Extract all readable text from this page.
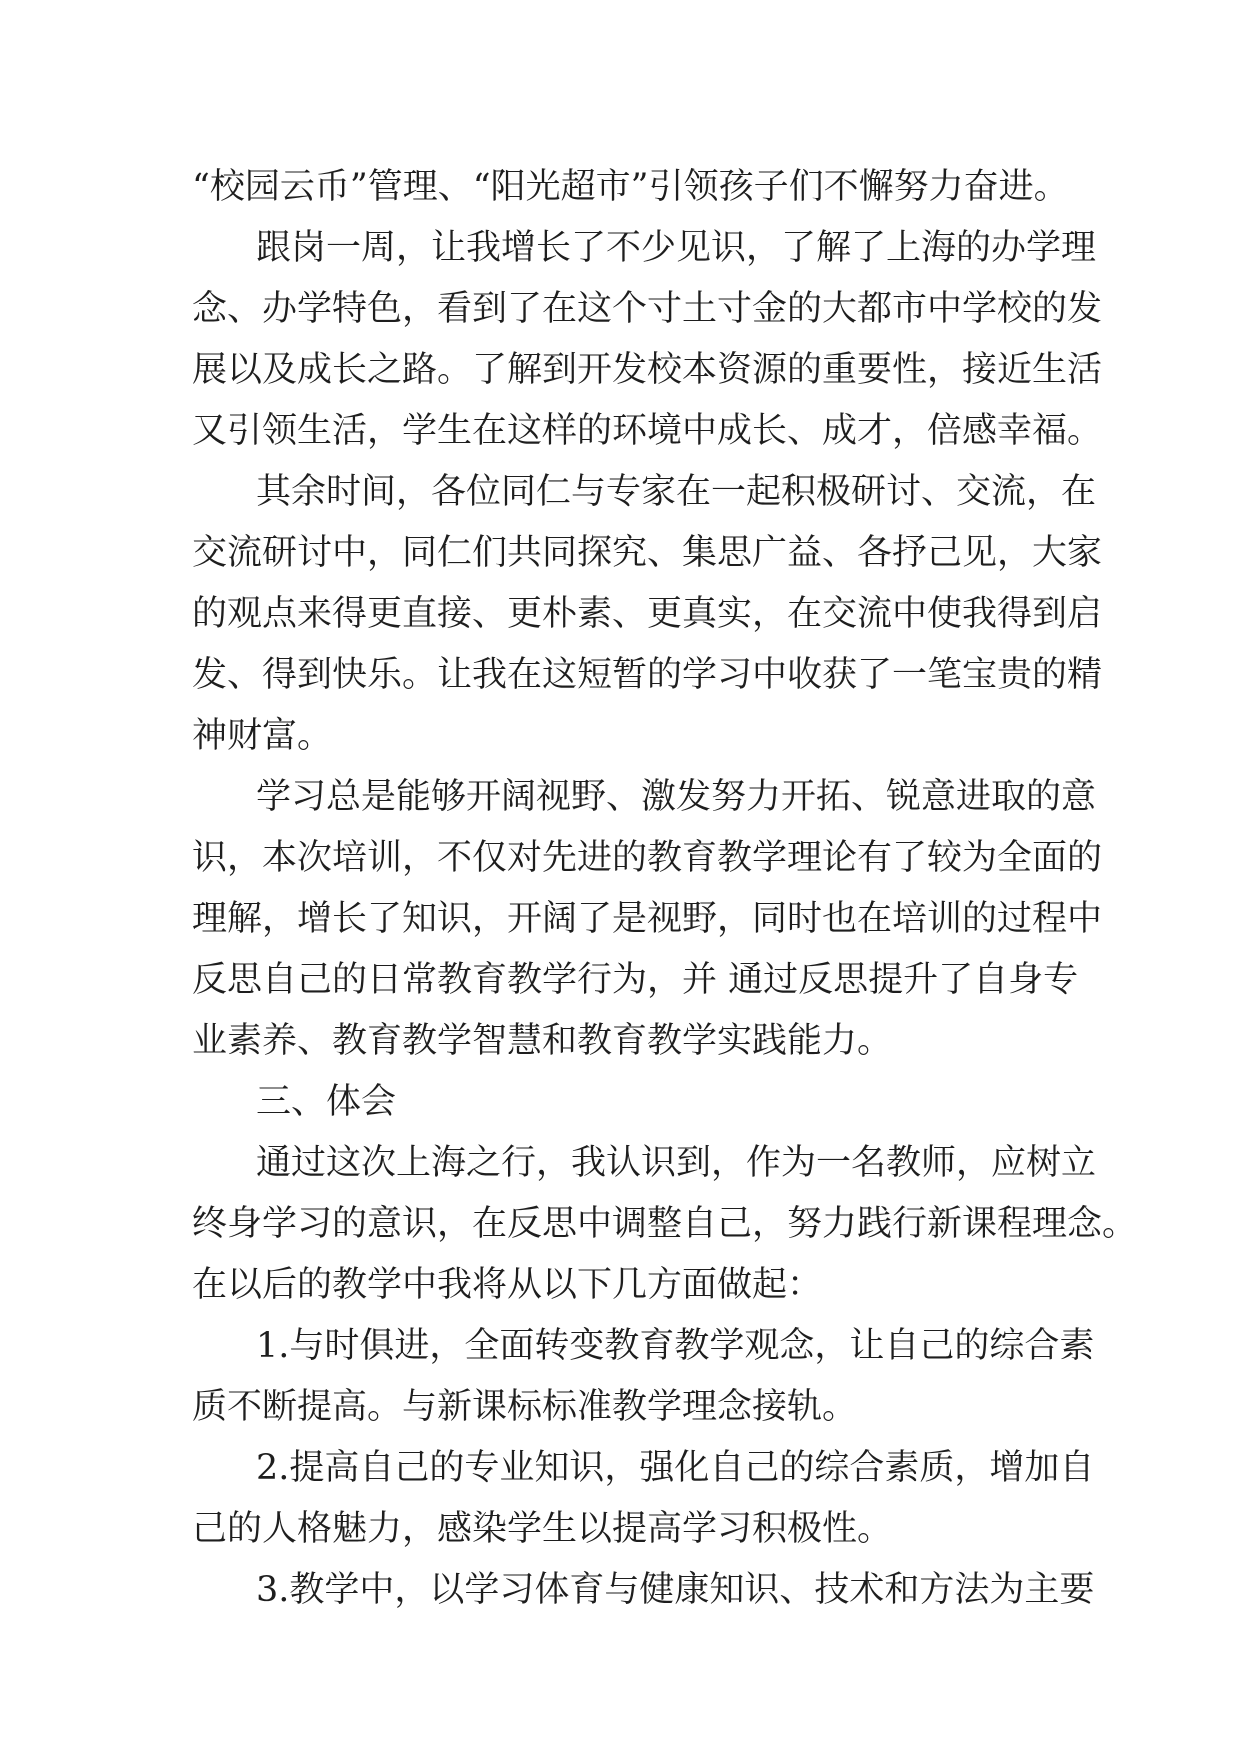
“校园云币”管理、“阳光超市”引领孩子们不懈努力奋进。
跟岗一周，让我增长了不少见识，了解了上海的办学理
念、办学特色，看到了在这个寸土寸金的大都市中学校的发
展以及成长之路。了解到开发校本资源的重要性，接近生活
又引领生活，学生在这样的环境中成长、成才，倍感幸福。
其余时间，各位同仁与专家在一起积极研讨、交流，在
交流研讨中，同仁们共同探究、集思广益、各抒己见，大家
的观点来得更直接、更朴素、更真实，在交流中使我得到启
发、得到快乐。让我在这短暂的学习中收获了一笔宝贵的精
神财富。
学习总是能够开阔视野、激发努力开拓、锐意进取的意
识，本次培训，不仅对先进的教育教学理论有了较为全面的
理解，增长了知识，开阔了是视野，同时也在培训的过程中
反思自己的日常教育教学行为，并 通过反思提升了自身专
业素养、教育教学智慧和教育教学实践能力。
三、体会
通过这次上海之行，我认识到，作为一名教师，应树立
终身学习的意识，在反思中调整自己，努力践行新课程理念。
在以后的教学中我将从以下几方面做起：
1.与时俱进，全面转变教育教学观念，让自己的综合素
质不断提高。与新课标标准教学理念接轨。
2.提高自己的专业知识，强化自己的综合素质，增加自
己的人格魅力，感染学生以提高学习积极性。
3.教学中，以学习体育与健康知识、技术和方法为主要
